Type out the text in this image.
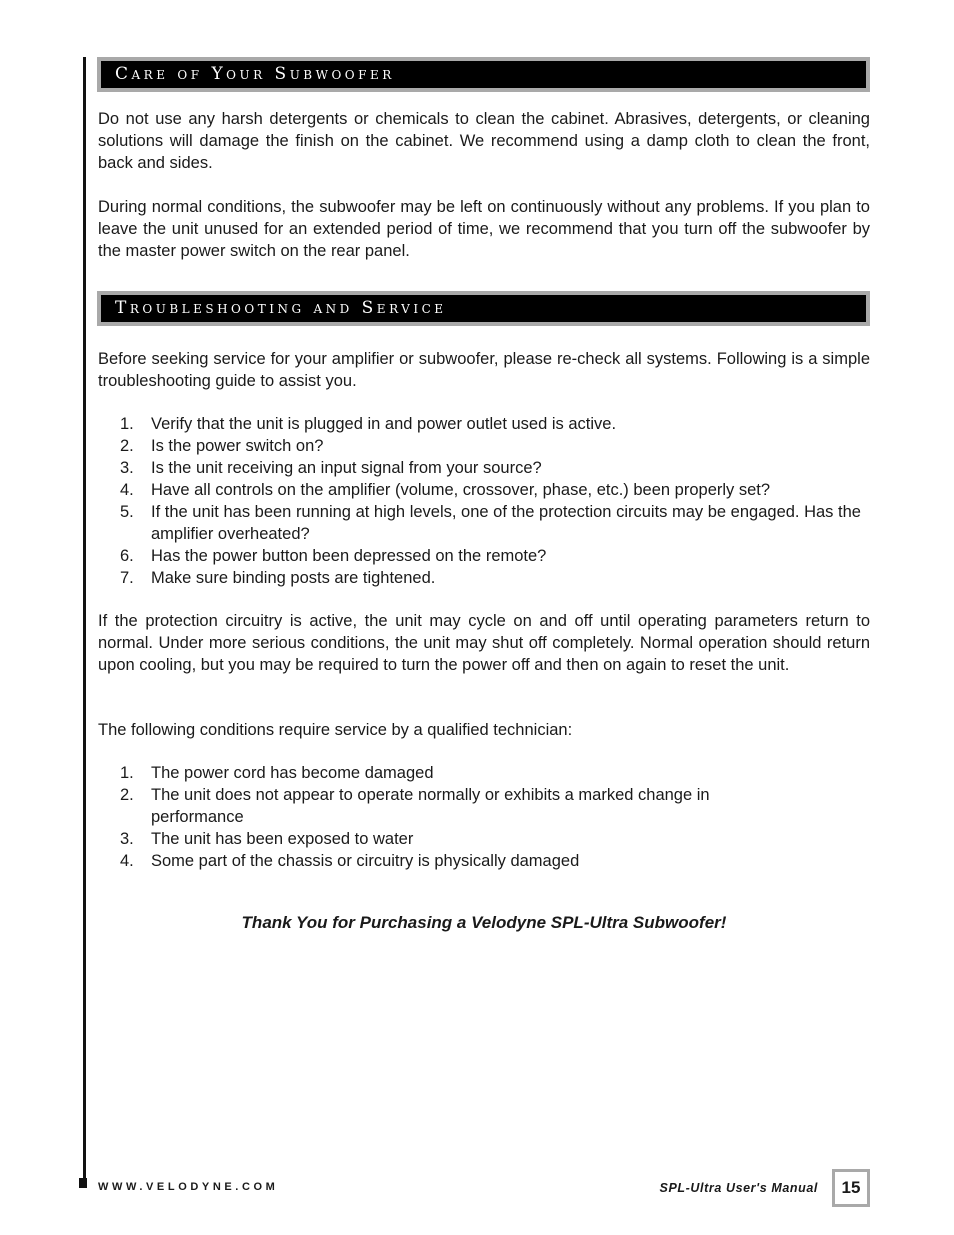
Care of Your Subwoofer

Do not use any harsh detergents or chemicals to clean the cabinet. Abrasives, detergents, or cleaning solutions will damage the finish on the cabinet. We recommend using a damp cloth to clean the front, back and sides.

During normal conditions, the subwoofer may be left on continuously without any problems. If you plan to leave the unit unused for an extended period of time, we recommend that you turn off the subwoofer by the master power switch on the rear panel.

Troubleshooting and Service

Before seeking service for your amplifier or subwoofer, please re-check all systems. Following is a simple troubleshooting guide to assist you.

1.	Verify that the unit is plugged in and power outlet used is active.
2.	Is the power switch on?
3.	Is the unit receiving an input signal from your source?
4.	Have all controls on the amplifier (volume, crossover, phase, etc.) been properly set?
5.	If the unit has been running at high levels, one of the protection circuits may be engaged. Has the amplifier overheated?
6.	Has the power button been depressed on the remote?
7.	Make sure binding posts are tightened.

If the protection circuitry is active, the unit may cycle on and off until operating parameters return to normal. Under more serious conditions, the unit may shut off completely. Normal operation should return upon cooling, but you may be required to turn the power off and then on again to reset the unit.

The following conditions require service by a qualified technician:

1.	The power cord has become damaged
2.	The unit does not appear to operate normally or exhibits a marked change in performance
3.	The unit has been exposed to water
4.	Some part of the chassis or circuitry is physically damaged
Thank You for Purchasing a Velodyne SPL-Ultra Subwoofer!
WWW.VELODYNE.COM	SPL-Ultra User's Manual	15
